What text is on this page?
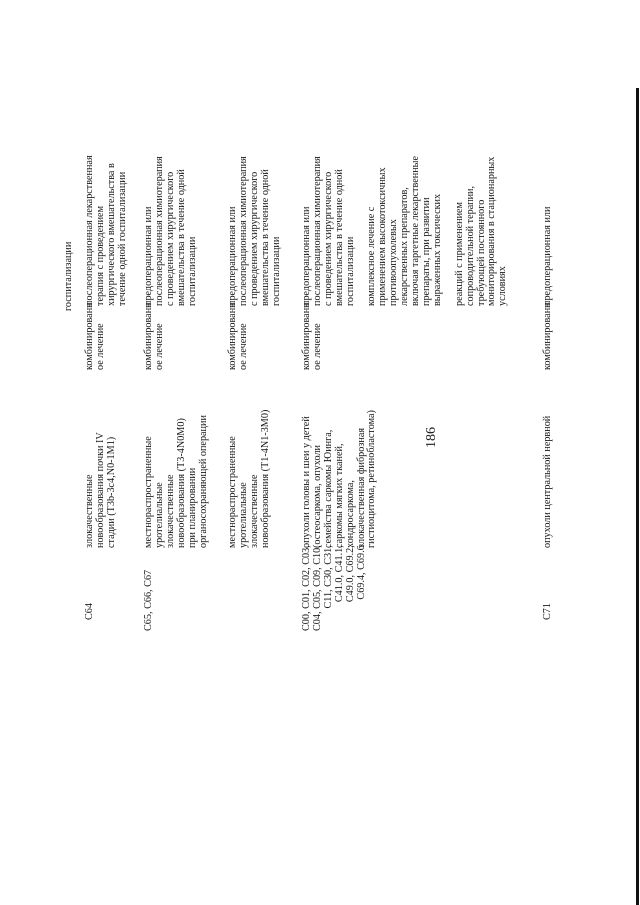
186
госпитализации
C64
злокачественные
новообразования почки IV
стадии (T3b-3c4,N0-1M1)
комбинированн
ое лечение
послеоперационная лекарственная
терапия с проведением
хирургического вмешательства в
течение одной госпитализации
C65, C66, C67
местнораспространенные
уротелиальные
злокачественные
новообразования (T3-4N0M0)
при планировании
органосохраняющей операции
комбинированн
ое лечение
предоперационная или
послеоперационная химиотерапия
с проведением хирургического
вмешательства в течение одной
госпитализации
местнораспространенные
уротелиальные
злокачественные
новообразования (T1-4N1-3M0)
комбинированн
ое лечение
предоперационная или
послеоперационная химиотерапия
с проведением хирургического
вмешательства в течение одной
госпитализации
C00, C01, C02, C03,
C04, C05, C09, C10,
C11, C30, C31,
C41.0, C41.1,
C49.0, C69.2,
C69.4, C69.6
опухоли головы и шеи у детей
(остеосаркома, опухоли
семейства саркомы Юинга,
саркомы мягких тканей,
хондросаркома,
злокачественная фиброзная
гистиоцитома, ретинобластома)
комбинированн
ое лечение
предоперационная или
послеоперационная химиотерапия
с проведением хирургического
вмешательства в течение одной
госпитализации

комплексное лечение с
применением высокотоксичных
противоопухолевых
лекарственных препаратов,
включая таргетные лекарственные
препараты, при развитии
выраженных токсических

реакций с применением
сопроводительной терапии,
требующей постоянного
мониторирования в стационарных
условиях
C71
опухоли центральной нервной
комбинированн
предоперационная или
